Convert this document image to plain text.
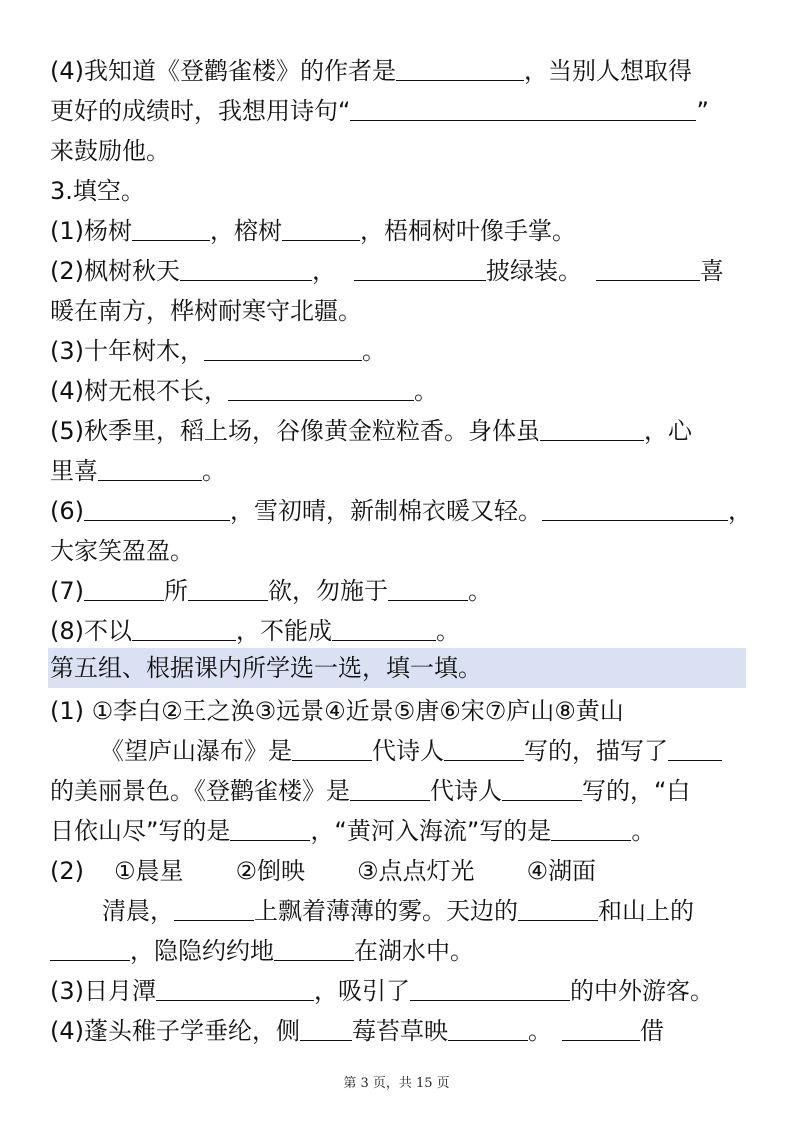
(4)我知道《登鹳雀楼》的作者是	，当别人想取得
更好的成绩时，我想用诗句“	”
来鼓励他。
3.填空。
(1)杨树	，榕树	，梧桐树叶像手掌。
(2)枫树秋天	，	披绿装。	喜
暖在南方，桦树耐寒守北疆。
(3)十年树木，	。
(4)树无根不长，	。
(5)秋季里，稻上场，谷像黄金粒粒香。身体虽	，心
里喜	。
(6)	，雪初晴，新制棉衣暖又轻。	，
大家笑盈盈。
(7)	所	欲，勿施于	。
(8)不以	，不能成	。
第五组、根据课内所学选一选，填一填。
(1) ①李白②王之涣③远景④近景⑤唐⑥宋⑦庐山⑧黄山
《望庐山瀑布》是	代诗人	写的，描写了
的美丽景色。《登鹳雀楼》是	代诗人	写的，“白
日依山尽”写的是	，“黄河入海流”写的是	。
(2) ①晨星 ②倒映 ③点点灯光 ④湖面
清晨，	上飘着薄薄的雾。天边的	和山上的
，隐隐约约地	在湖水中。
(3)日月潭	，吸引了	的中外游客。
(4)蓬头稚子学垂纶，侧 莓苔草映	。	借
第 3 页，共 15 页
